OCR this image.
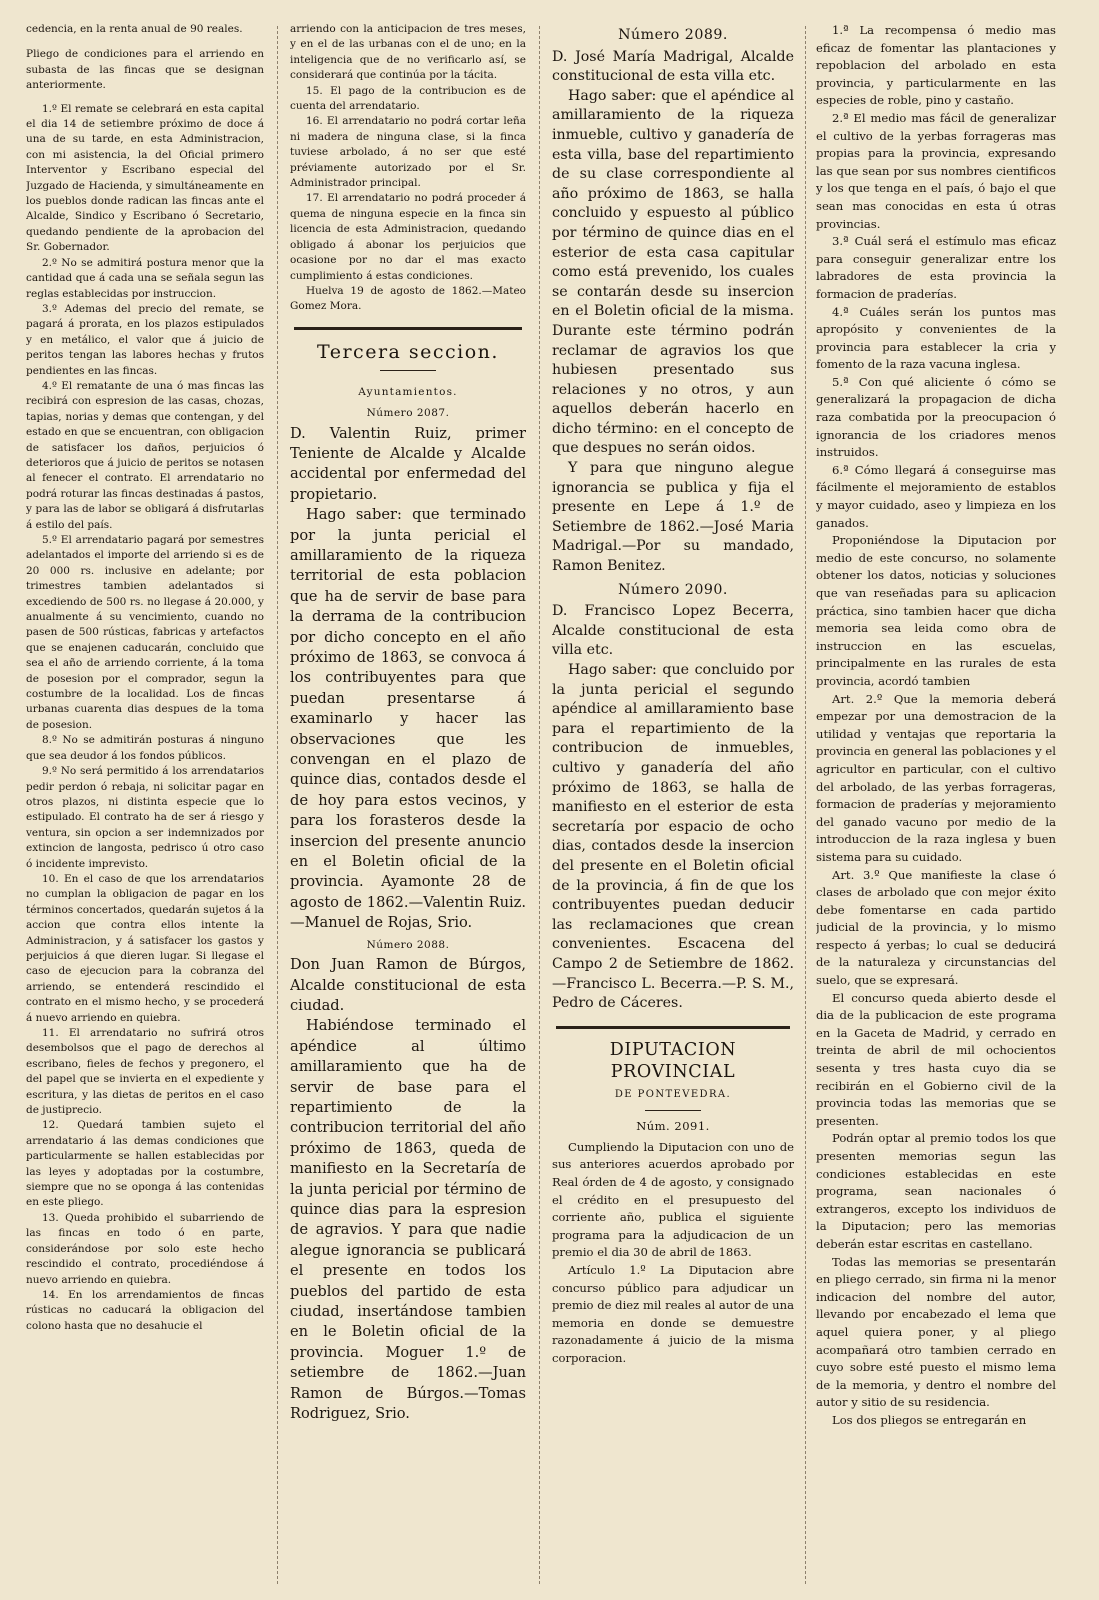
cedencia, en la renta anual de 90 reales.

Pliego de condiciones para el arriendo en subasta de las fincas que se designan anteriormente.

1.º El remate se celebrará en esta capital el dia 14 de setiembre próximo de doce á una de su tarde, en esta Administracion, con mi asistencia, la del Oficial primero Interventor y Escribano especial del Juzgado de Hacienda, y simultáneamente en los pueblos donde radican las fincas ante el Alcalde, Sindico y Escribano ó Secretario, quedando pendiente de la aprobacion del Sr. Gobernador.

2.º No se admitirá postura menor que la cantidad que á cada una se señala segun las reglas establecidas por instruccion.

3.º Ademas del precio del remate, se pagará á prorata, en los plazos estipulados y en metálico, el valor que á juicio de peritos tengan las labores hechas y frutos pendientes en las fincas.

4.º El rematante de una ó mas fincas las recibirá con espresion de las casas, chozas, tapias, norias y demas que contengan, y del estado en que se encuentran, con obligacion de satisfacer los daños, perjuicios ó deterioros que á juicio de peritos se notasen al fenecer el contrato. El arrendatario no podrá roturar las fincas destinadas á pastos, y para las de labor se obligará á disfrutarlas á estilo del país.

5.º El arrendatario pagará por semestres adelantados el importe del arriendo si es de 20 000 rs. inclusive en adelante; por trimestres tambien adelantados si excediendo de 500 rs. no llegase á 20.000, y anualmente á su vencimiento, cuando no pasen de 500 rústicas, fabricas y artefactos que se enajenen caducarán, concluido que sea el año de arriendo corriente, á la toma de posesion por el comprador, segun la costumbre de la localidad. Los de fincas urbanas cuarenta dias despues de la toma de posesion.

8.º No se admitirán posturas á ninguno que sea deudor á los fondos públicos.

9.º No será permitido á los arrendatarios pedir perdon ó rebaja, ni solicitar pagar en otros plazos, ni distinta especie que lo estipulado. El contrato ha de ser á riesgo y ventura, sin opcion a ser indemnizados por extincion de langosta, pedrisco ú otro caso ó incidente imprevisto.

10. En el caso de que los arrendatarios no cumplan la obligacion de pagar en los términos concertados, quedarán sujetos á la accion que contra ellos intente la Administracion, y á satisfacer los gastos y perjuicios á que dieren lugar. Si llegase el caso de ejecucion para la cobranza del arriendo, se entenderá rescindido el contrato en el mismo hecho, y se procederá á nuevo arriendo en quiebra.

11. El arrendatario no sufrirá otros desembolsos que el pago de derechos al escribano, fieles de fechos y pregonero, el del papel que se invierta en el expediente y escritura, y las dietas de peritos en el caso de justiprecio.

12. Quedará tambien sujeto el arrendatario á las demas condiciones que particularmente se hallen establecidas por las leyes y adoptadas por la costumbre, siempre que no se oponga á las contenidas en este pliego.

13. Queda prohibido el subarriendo de las fincas en todo ó en parte, considerándose por solo este hecho rescindido el contrato, procediéndose á nuevo arriendo en quiebra.

14. En los arrendamientos de fincas rústicas no caducará la obligacion del colono hasta que no desahucie el

arriendo con la anticipacion de tres meses, y en el de las urbanas con el de uno; en la inteligencia que de no verificarlo así, se considerará que continúa por la tácita.

15. El pago de la contribucion es de cuenta del arrendatario.

16. El arrendatario no podrá cortar leña ni madera de ninguna clase, si la finca tuviese arbolado, á no ser que esté préviamente autorizado por el Sr. Administrador principal.

17. El arrendatario no podrá proceder á quema de ninguna especie en la finca sin licencia de esta Administracion, quedando obligado á abonar los perjuicios que ocasione por no dar el mas exacto cumplimiento á estas condiciones.

Huelva 19 de agosto de 1862.—Mateo Gomez Mora.

Tercera seccion.
Ayuntamientos.
Número 2087.

D. Valentin Ruiz, primer Teniente de Alcalde y Alcalde accidental por enfermedad del propietario.

Hago saber: que terminado por la junta pericial el amillaramiento de la riqueza territorial de esta poblacion que ha de servir de base para la derrama de la contribucion por dicho concepto en el año próximo de 1863, se convoca á los contribuyentes para que puedan presentarse á examinarlo y hacer las observaciones que les convengan en el plazo de quince dias, contados desde el de hoy para estos vecinos, y para los forasteros desde la insercion del presente anuncio en el Boletin oficial de la provincia. Ayamonte 28 de agosto de 1862.—Valentin Ruiz.—Manuel de Rojas, Srio.

Número 2088.

Don Juan Ramon de Búrgos, Alcalde constitucional de esta ciudad.

Habiéndose terminado el apéndice al último amillaramiento que ha de servir de base para el repartimiento de la contribucion territorial del año próximo de 1863, queda de manifiesto en la Secretaría de la junta pericial por término de quince dias para la espresion de agravios. Y para que nadie alegue ignorancia se publicará el presente en todos los pueblos del partido de esta ciudad, insertándose tambien en le Boletin oficial de la provincia. Moguer 1.º de setiembre de 1862.—Juan Ramon de Búrgos.—Tomas Rodriguez, Srio.

Número 2089.

D. José María Madrigal, Alcalde constitucional de esta villa etc.

Hago saber: que el apéndice al amillaramiento de la riqueza inmueble, cultivo y ganadería de esta villa, base del repartimiento de su clase correspondiente al año próximo de 1863, se halla concluido y espuesto al público por término de quince dias en el esterior de esta casa capitular como está prevenido, los cuales se contarán desde su insercion en el Boletin oficial de la misma. Durante este término podrán reclamar de agravios los que hubiesen presentado sus relaciones y no otros, y aun aquellos deberán hacerlo en dicho término: en el concepto de que despues no serán oidos.

Y para que ninguno alegue ignorancia se publica y fija el presente en Lepe á 1.º de Setiembre de 1862.—José Maria Madrigal.—Por su mandado, Ramon Benitez.

Número 2090.

D. Francisco Lopez Becerra, Alcalde constitucional de esta villa etc.

Hago saber: que concluido por la junta pericial el segundo apéndice al amillaramiento base para el repartimiento de la contribucion de inmuebles, cultivo y ganadería del año próximo de 1863, se halla de manifiesto en el esterior de esta secretaría por espacio de ocho dias, contados desde la insercion del presente en el Boletin oficial de la provincia, á fin de que los contribuyentes puedan deducir las reclamaciones que crean convenientes. Escacena del Campo 2 de Setiembre de 1862.—Francisco L. Becerra.—P. S. M., Pedro de Cáceres.

DIPUTACION PROVINCIAL
DE PONTEVEDRA.
Núm. 2091.

Cumpliendo la Diputacion con uno de sus anteriores acuerdos aprobado por Real órden de 4 de agosto, y consignado el crédito en el presupuesto del corriente año, publica el siguiente programa para la adjudicacion de un premio el dia 30 de abril de 1863.

Artículo 1.º La Diputacion abre concurso público para adjudicar un premio de diez mil reales al autor de una memoria en donde se demuestre razonadamente á juicio de la misma corporacion.

1.ª La recompensa ó medio mas eficaz de fomentar las plantaciones y repoblacion del arbolado en esta provincia, y particularmente en las especies de roble, pino y castaño.

2.ª El medio mas fácil de generalizar el cultivo de la yerbas forrageras mas propias para la provincia, expresando las que sean por sus nombres cientificos y los que tenga en el país, ó bajo el que sean mas conocidas en esta ú otras provincias.

3.ª Cuál será el estímulo mas eficaz para conseguir generalizar entre los labradores de esta provincia la formacion de praderías.

4.ª Cuáles serán los puntos mas apropósito y convenientes de la provincia para establecer la cria y fomento de la raza vacuna inglesa.

5.ª Con qué aliciente ó cómo se generalizará la propagacion de dicha raza combatida por la preocupacion ó ignorancia de los criadores menos instruidos.

6.ª Cómo llegará á conseguirse mas fácilmente el mejoramiento de establos y mayor cuidado, aseo y limpieza en los ganados.

Proponiéndose la Diputacion por medio de este concurso, no solamente obtener los datos, noticias y soluciones que van reseñadas para su aplicacion práctica, sino tambien hacer que dicha memoria sea leida como obra de instruccion en las escuelas, principalmente en las rurales de esta provincia, acordó tambien

Art. 2.º Que la memoria deberá empezar por una demostracion de la utilidad y ventajas que reportaria la provincia en general las poblaciones y el agricultor en particular, con el cultivo del arbolado, de las yerbas forrageras, formacion de praderías y mejoramiento del ganado vacuno por medio de la introduccion de la raza inglesa y buen sistema para su cuidado.

Art. 3.º Que manifieste la clase ó clases de arbolado que con mejor éxito debe fomentarse en cada partido judicial de la provincia, y lo mismo respecto á yerbas; lo cual se deducirá de la naturaleza y circunstancias del suelo, que se expresará.

El concurso queda abierto desde el dia de la publicacion de este programa en la Gaceta de Madrid, y cerrado en treinta de abril de mil ochocientos sesenta y tres hasta cuyo dia se recibirán en el Gobierno civil de la provincia todas las memorias que se presenten.

Podrán optar al premio todos los que presenten memorias segun las condiciones establecidas en este programa, sean nacionales ó extrangeros, excepto los individuos de la Diputacion; pero las memorias deberán estar escritas en castellano.

Todas las memorias se presentarán en pliego cerrado, sin firma ni la menor indicacion del nombre del autor, llevando por encabezado el lema que aquel quiera poner, y al pliego acompañará otro tambien cerrado en cuyo sobre esté puesto el mismo lema de la memoria, y dentro el nombre del autor y sitio de su residencia.

Los dos pliegos se entregarán en
